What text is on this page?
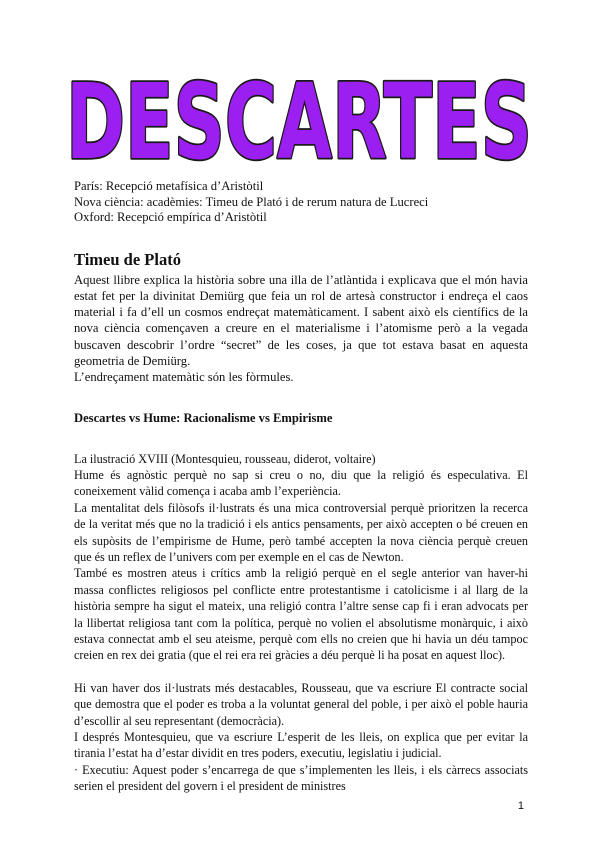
DESCARTES

París: Recepció metafísica d’Aristòtil

Nova ciència: acadèmies: Timeu de Plató i de rerum natura de Lucreci

Oxford: Recepció empírica d’Aristòtil

Timeu de Plató

Aquest llibre explica la història sobre una illa de l’atlàntida i explicava que el món havia estat fet per la divinitat Demiürg que feia un rol de artesà constructor i endreça el caos material i fa d’ell un cosmos endreçat matemàticament. I sabent això els científics de la nova ciència començaven a creure en el materialisme i l’atomisme però a la vegada buscaven descobrir l’ordre “secret” de les coses, ja que tot estava basat en aquesta geometria de Demiürg.

L’endreçament matemàtic són les fòrmules.

Descartes vs Hume: Racionalisme vs Empirisme

La ilustració XVIII (Montesquieu, rousseau, diderot, voltaire)

Hume és agnòstic perquè no sap si creu o no, diu que la religió és especulativa. El coneixement vàlid comença i acaba amb l’experiència.

La mentalitat dels filòsofs il·lustrats és una mica controversial perquè prioritzen la recerca de la veritat més que no la tradició i els antics pensaments, per això accepten o bé creuen en els supòsits de l’empirisme de Hume, però també accepten la nova ciència perquè creuen que és un reflex de l’univers com per exemple en el cas de Newton.

També es mostren ateus i crítics amb la religió perquè en el segle anterior van haver-hi massa conflictes religiosos pel conflicte entre protestantisme i catolicisme i al llarg de la història sempre ha sigut el mateix, una religió contra l’altre sense cap fi i eran advocats per la llibertat religiosa tant com la política, perquè no volien el absolutisme monàrquic, i això estava connectat amb el seu ateisme, perquè com ells no creien que hi havia un déu tampoc creien en rex dei gratia (que el rei era rei gràcies a déu perquè li ha posat en aquest lloc).

Hi van haver dos il·lustrats més destacables, Rousseau, que va escriure El contracte social que demostra que el poder es troba a la voluntat general del poble, i per això el poble hauria d’escollir al seu representant (democràcia).

I després Montesquieu, que va escriure L’esperit de les lleis, on explica que per evitar la tirania l’estat ha d’estar dividit en tres poders, executiu, legislatiu i judicial.

· Executiu: Aquest poder s’encarrega de que s’implementen les lleis, i els càrrecs associats serien el president del govern i el president de ministres

1
